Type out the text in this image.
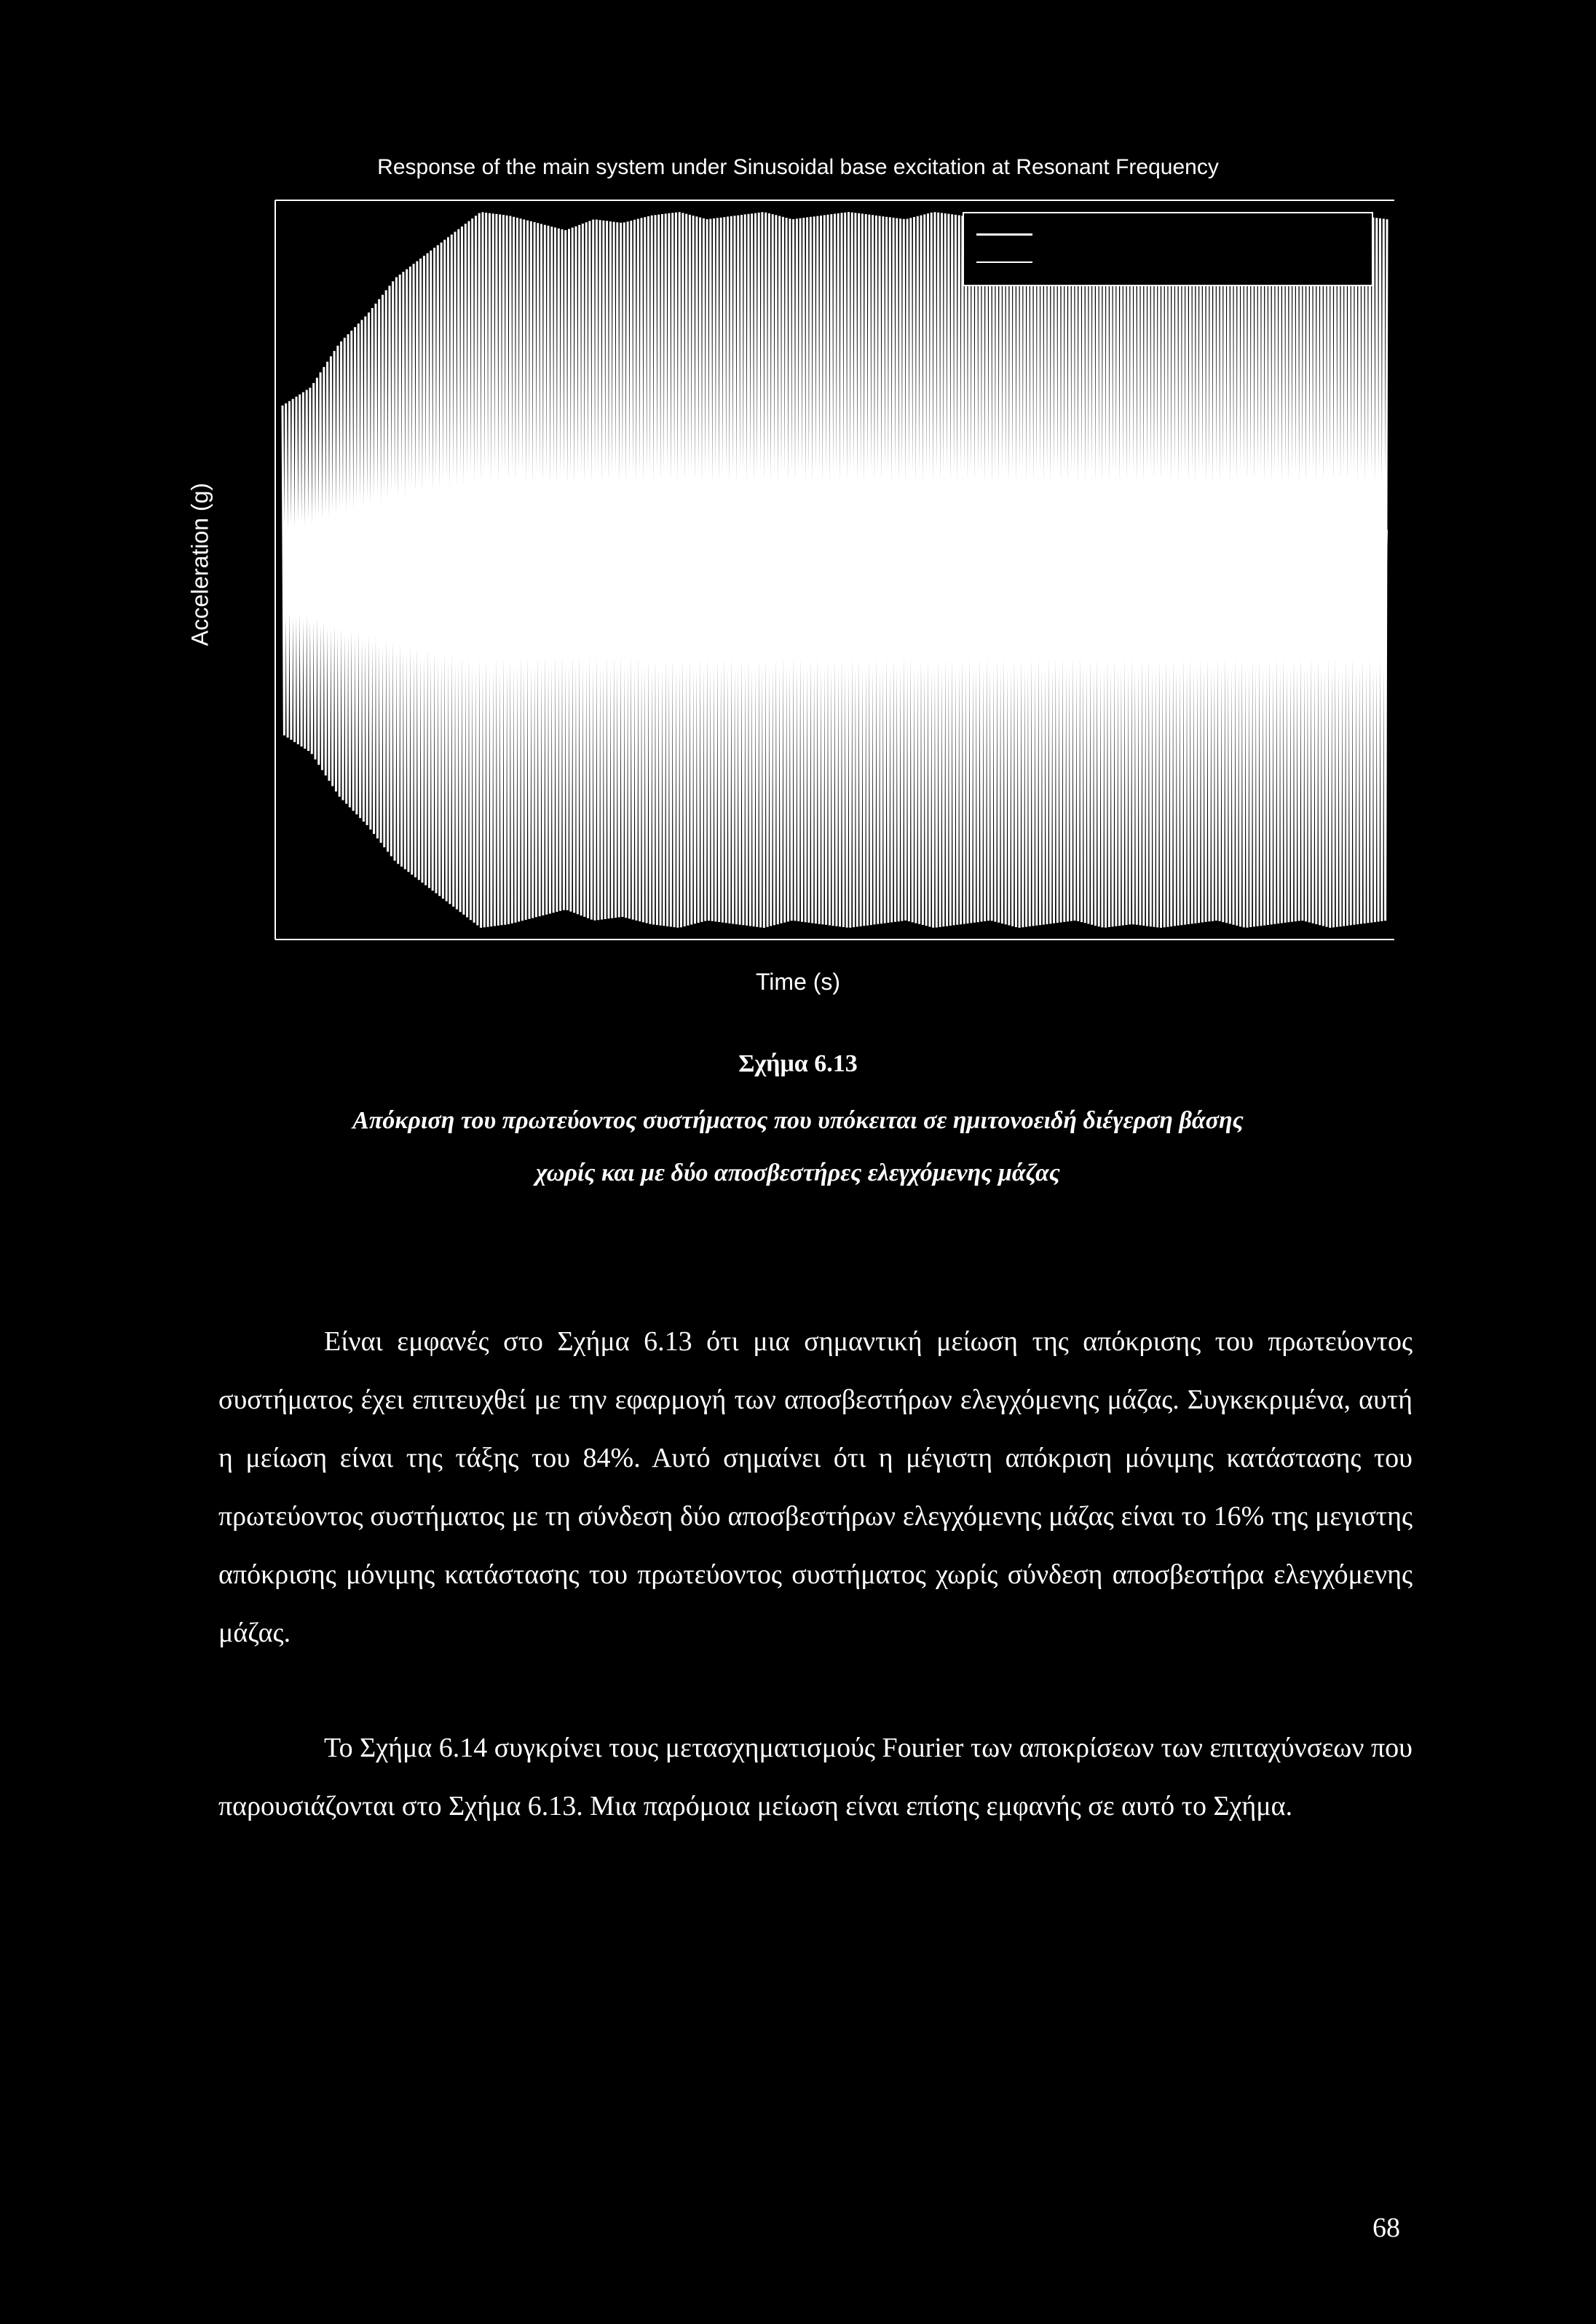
Response of the main system under Sinusoidal base excitation at Resonant Frequency
Acceleration (g)
Time (s)
Σχήμα 6.13
Απόκριση του πρωτεύοντος συστήματος που υπόκειται σε ημιτονοειδή διέγερση βάσης
χωρίς και με δύο αποσβεστήρες ελεγχόμενης μάζας

Είναι εμφανές στο Σχήμα 6.13 ότι μια σημαντική μείωση της απόκρισης του πρωτεύοντος συστήματος έχει επιτευχθεί με την εφαρμογή των αποσβεστήρων ελεγχόμενης μάζας. Συγκεκριμένα, αυτή η μείωση είναι της τάξης του 84%. Αυτό σημαίνει ότι η μέγιστη απόκριση μόνιμης κατάστασης του πρωτεύοντος συστήματος με τη σύνδεση δύο αποσβεστήρων ελεγχόμενης μάζας είναι το 16% της μεγιστης απόκρισης μόνιμης κατάστασης του πρωτεύοντος συστήματος χωρίς σύνδεση αποσβεστήρα ελεγχόμενης μάζας.

Το Σχήμα 6.14 συγκρίνει τους μετασχηματισμούς Fourier των αποκρίσεων των επιταχύνσεων που παρουσιάζονται στο Σχήμα 6.13. Μια παρόμοια μείωση είναι επίσης εμφανής σε αυτό το Σχήμα.

68
